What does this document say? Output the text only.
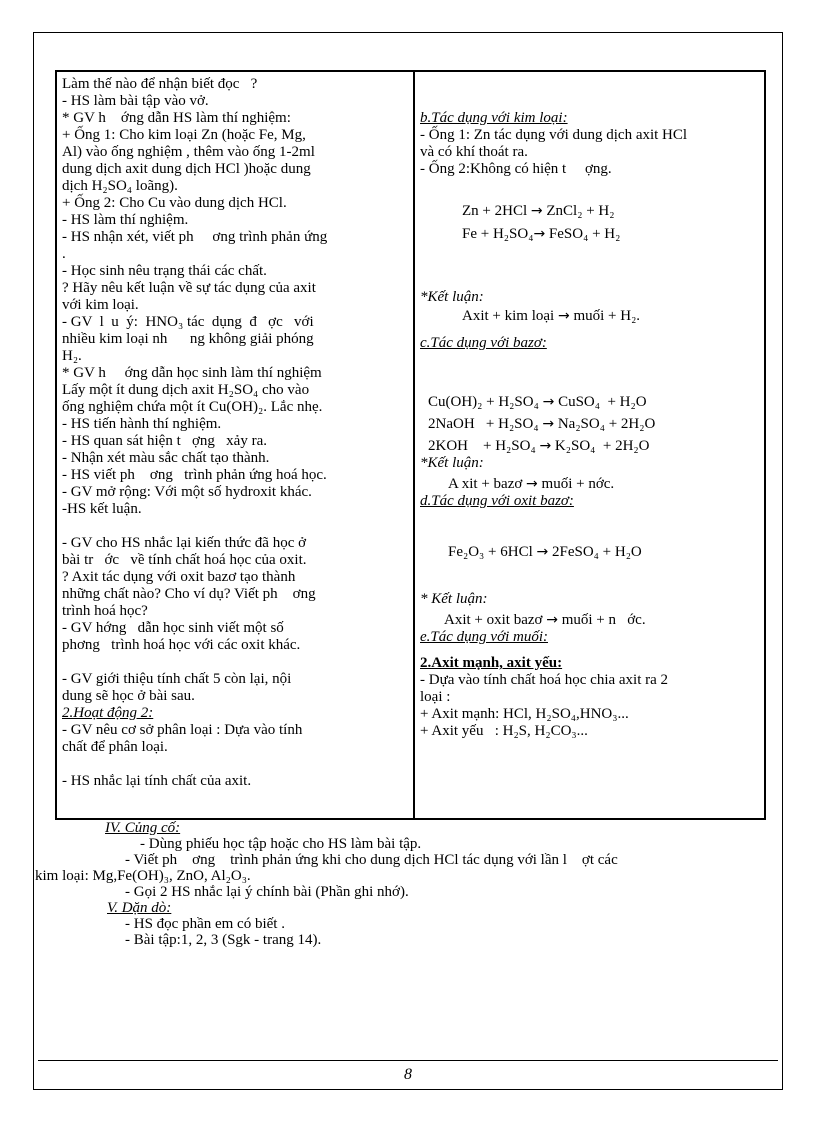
Làm thế nào để nhận biết đọc   ?
- HS làm bài tập vào vở.
* GV h    ớng dẫn HS làm thí nghiệm:
+ Ống 1: Cho kim loại Zn (hoặc Fe, Mg,
Al) vào ống nghiệm , thêm vào ống 1-2ml
dung dịch axit dung dịch HCl )hoặc dung
dịch H₂SO₄ loãng).
+ Ống 2: Cho Cu vào dung dịch HCl.
- HS làm thí nghiệm.
- HS nhận xét, viết ph     ơng trình phản ứng
.
- Học sinh nêu trạng thái các chất.
? Hãy nêu kết luận về sự tác dụng của axit
với kim loại.
- GV  l  u  ý:  HNO₃ tác  dụng  đ   ợc   với
nhiều kim loại nh      ng không giải phóng
H₂.
* GV h     ớng dẫn học sinh làm thí nghiệm
Lấy một ít dung dịch axit H₂SO₄ cho vào
ống nghiệm chứa một ít Cu(OH)₂. Lắc nhẹ.
- HS tiến hành thí nghiệm.
- HS quan sát hiện t   ợng   xảy ra.
- Nhận xét màu sắc chất tạo thành.
- HS viết ph    ơng   trình phản ứng hoá học.
- GV mở rộng: Với một số hydroxit khác.
-HS kết luận.
- GV cho HS nhắc lại kiến thức đã học ở
bài tr   ớc   về tính chất hoá học của oxit.
? Axit tác dụng với oxit bazơ tạo thành
những chất nào? Cho ví dụ? Viết ph    ơng
trình hoá học?
- GV hớng   dẫn học sinh viết một số
phơng   trình hoá học với các oxit khác.
- GV giới thiệu tính chất 5 còn lại, nội
dung sẽ học ở bài sau.
2.Hoạt động 2:
- GV nêu cơ sở phân loại : Dựa vào tính
chất để phân loại.
- HS nhắc lại tính chất của axit.

b.Tác dụng với kim loại:
- Ống 1: Zn tác dụng với dung dịch axit HCl
và có khí thoát ra.
- Ống 2:Không có hiện t     ợng.
Zn + 2HCl → ZnCl₂ + H₂
Fe + H₂SO₄→ FeSO₄ + H₂
*Kết luận:
Axit + kim loại → muối + H₂.
c.Tác dụng với bazơ:
Cu(OH)₂ + H₂SO₄ → CuSO₄  + H₂O
2NaOH   + H₂SO₄ → Na₂SO₄ + 2H₂O
2KOH    + H₂SO₄ → K₂SO₄  + 2H₂O
*Kết luận:
A xit + bazơ → muối + nớc.
d.Tác dụng với oxit bazơ:
Fe₂O₃ + 6HCl → 2FeSO₄ + H₂O
* Kết luận:
Axit + oxit bazơ → muối + n   ớc.
e.Tác dụng với muối:
2.Axit mạnh, axit yếu:
- Dựa vào tính chất hoá học chia axit ra 2
loại :
+ Axit mạnh: HCl, H₂SO₄,HNO₃...
+ Axit yếu   : H₂S, H₂CO₃...
IV. Củng cố:
- Dùng phiếu học tập hoặc cho HS làm bài tập.
- Viết ph    ơng    trình phản ứng khi cho dung dịch HCl tác dụng với lần l    ợt các
kim loại: Mg,Fe(OH)₃, ZnO, Al₂O₃.
- Gọi 2 HS nhắc lại ý chính bài (Phần ghi nhớ).
V. Dặn dò:
- HS đọc phần em có biết .
- Bài tập:1, 2, 3 (Sgk - trang 14).
8
